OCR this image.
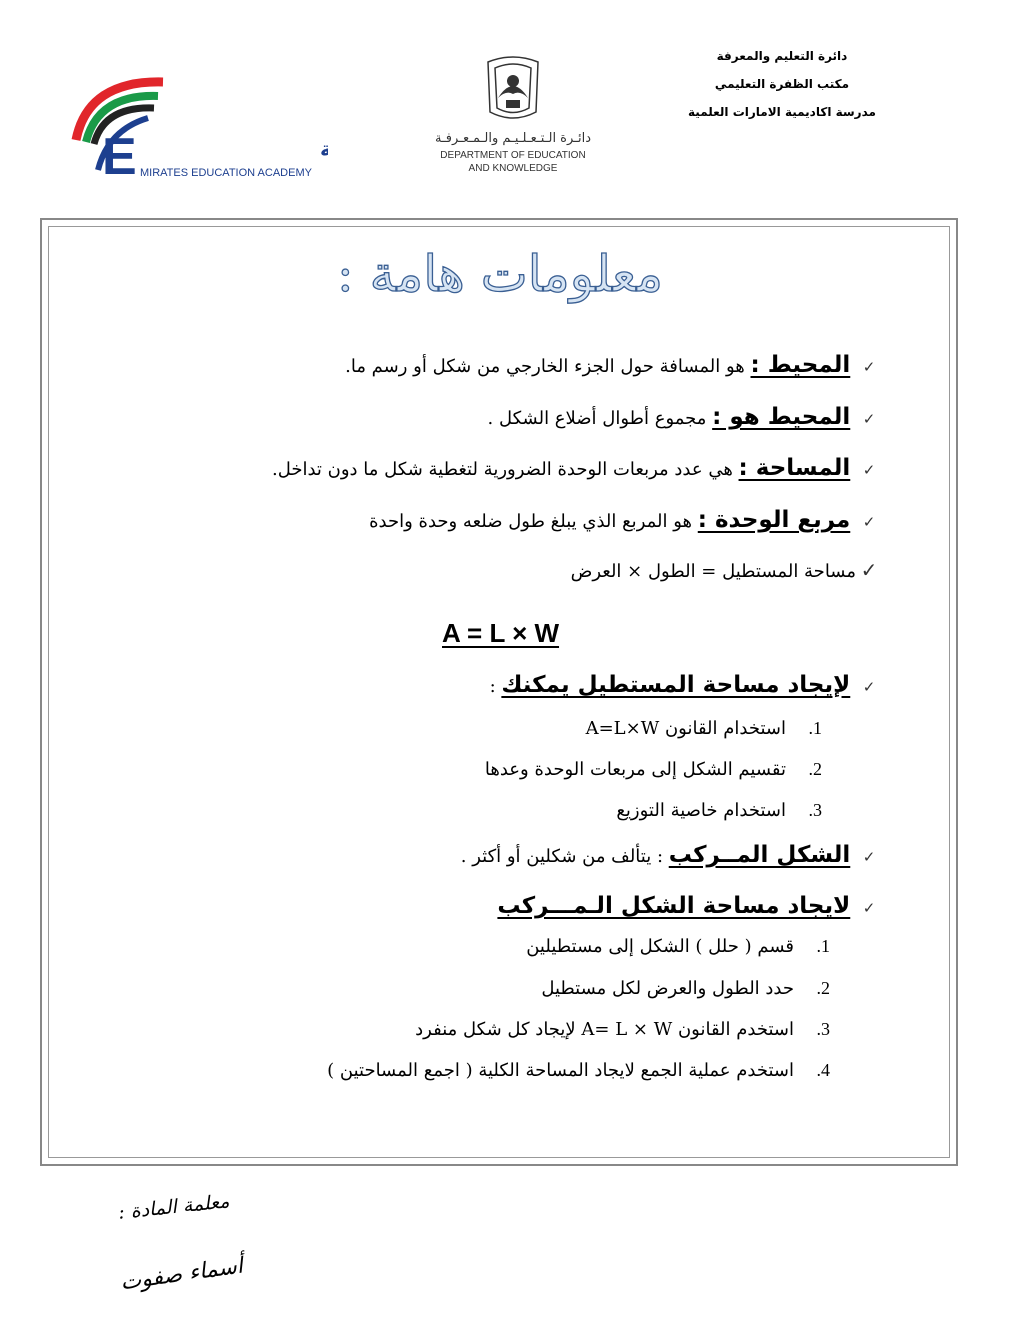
دائرة التعليم والمعرفة
مكتب الظفرة التعليمي
مدرسة اكاديمية الامارات العلمية
دائـرة الـتـعـلـيـم والـمـعـرفـة
DEPARTMENT OF EDUCATION
AND KNOWLEDGE
E	ة
MIRATES EDUCATION ACADEMY
معلومات هامة :
✓ المحيط : هو المسافة حول الجزء الخارجي من شكل أو رسم ما.
✓ المحيط هو : مجموع أطوال أضلاع الشكل .
✓ المساحة : هي عدد مربعات الوحدة الضرورية لتغطية شكل ما دون تداخل.
✓ مربع الوحدة : هو المربع الذي يبلغ طول ضلعه وحدة واحدة
✓مساحة المستطيل = الطول × العرض
A = L × W
✓ لإيجاد مساحة المستطيل يمكنك :
1.استخدام القانون A=L×W
2.تقسيم الشكل إلى مربعات الوحدة وعدها
3.استخدام خاصية التوزيع
✓ الشكل المــركب : يتألف من شكلين أو أكثر .
✓ لايجاد مساحة الشكل الـمـــركب
1.قسم ( حلل ) الشكل إلى مستطيلين
2.حدد الطول والعرض لكل مستطيل
3.استخدم القانون A= L × W لإيجاد كل شكل منفرد
4.استخدم عملية الجمع لايجاد المساحة الكلية ( اجمع المساحتين )
معلمة المادة :
أسماء صفوت
